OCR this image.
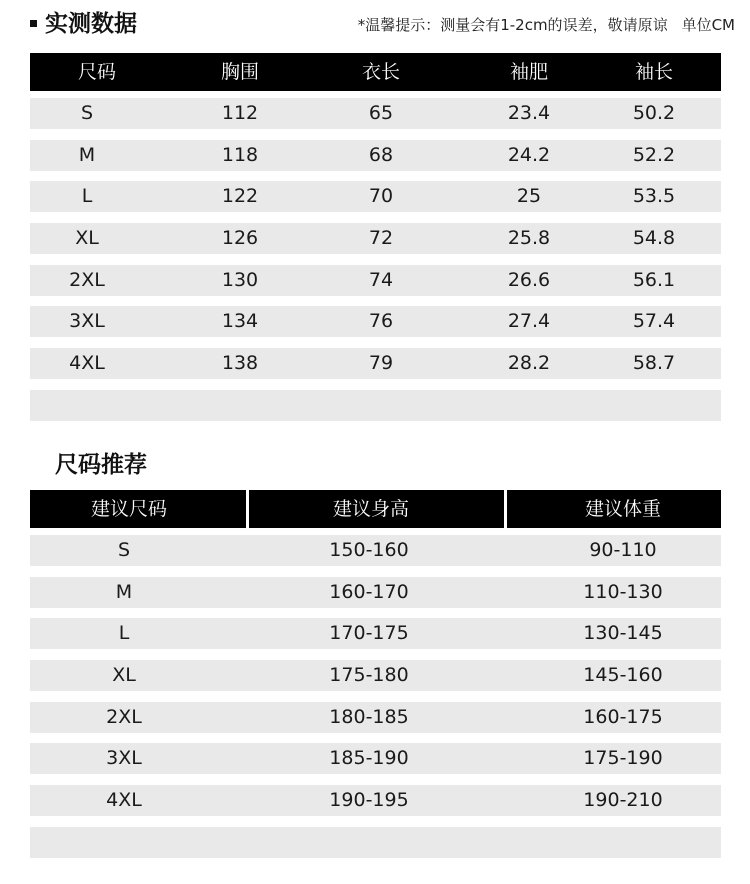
实测数据	*温馨提示：测量会有1-2cm的误差，敬请原谅 单位CM
尺码	胸围	衣长	袖肥	袖长
S	112	65	23.4	50.2
M	118	68	24.2	52.2
L	122	70	25	53.5
XL	126	72	25.8	54.8
2XL	130	74	26.6	56.1
3XL	134	76	27.4	57.4
4XL	138	79	28.2	58.7
尺码推荐
建议尺码	建议身高	建议体重
S	150-160	90-110
M	160-170	110-130
L	170-175	130-145
XL	175-180	145-160
2XL	180-185	160-175
3XL	185-190	175-190
4XL	190-195	190-210
